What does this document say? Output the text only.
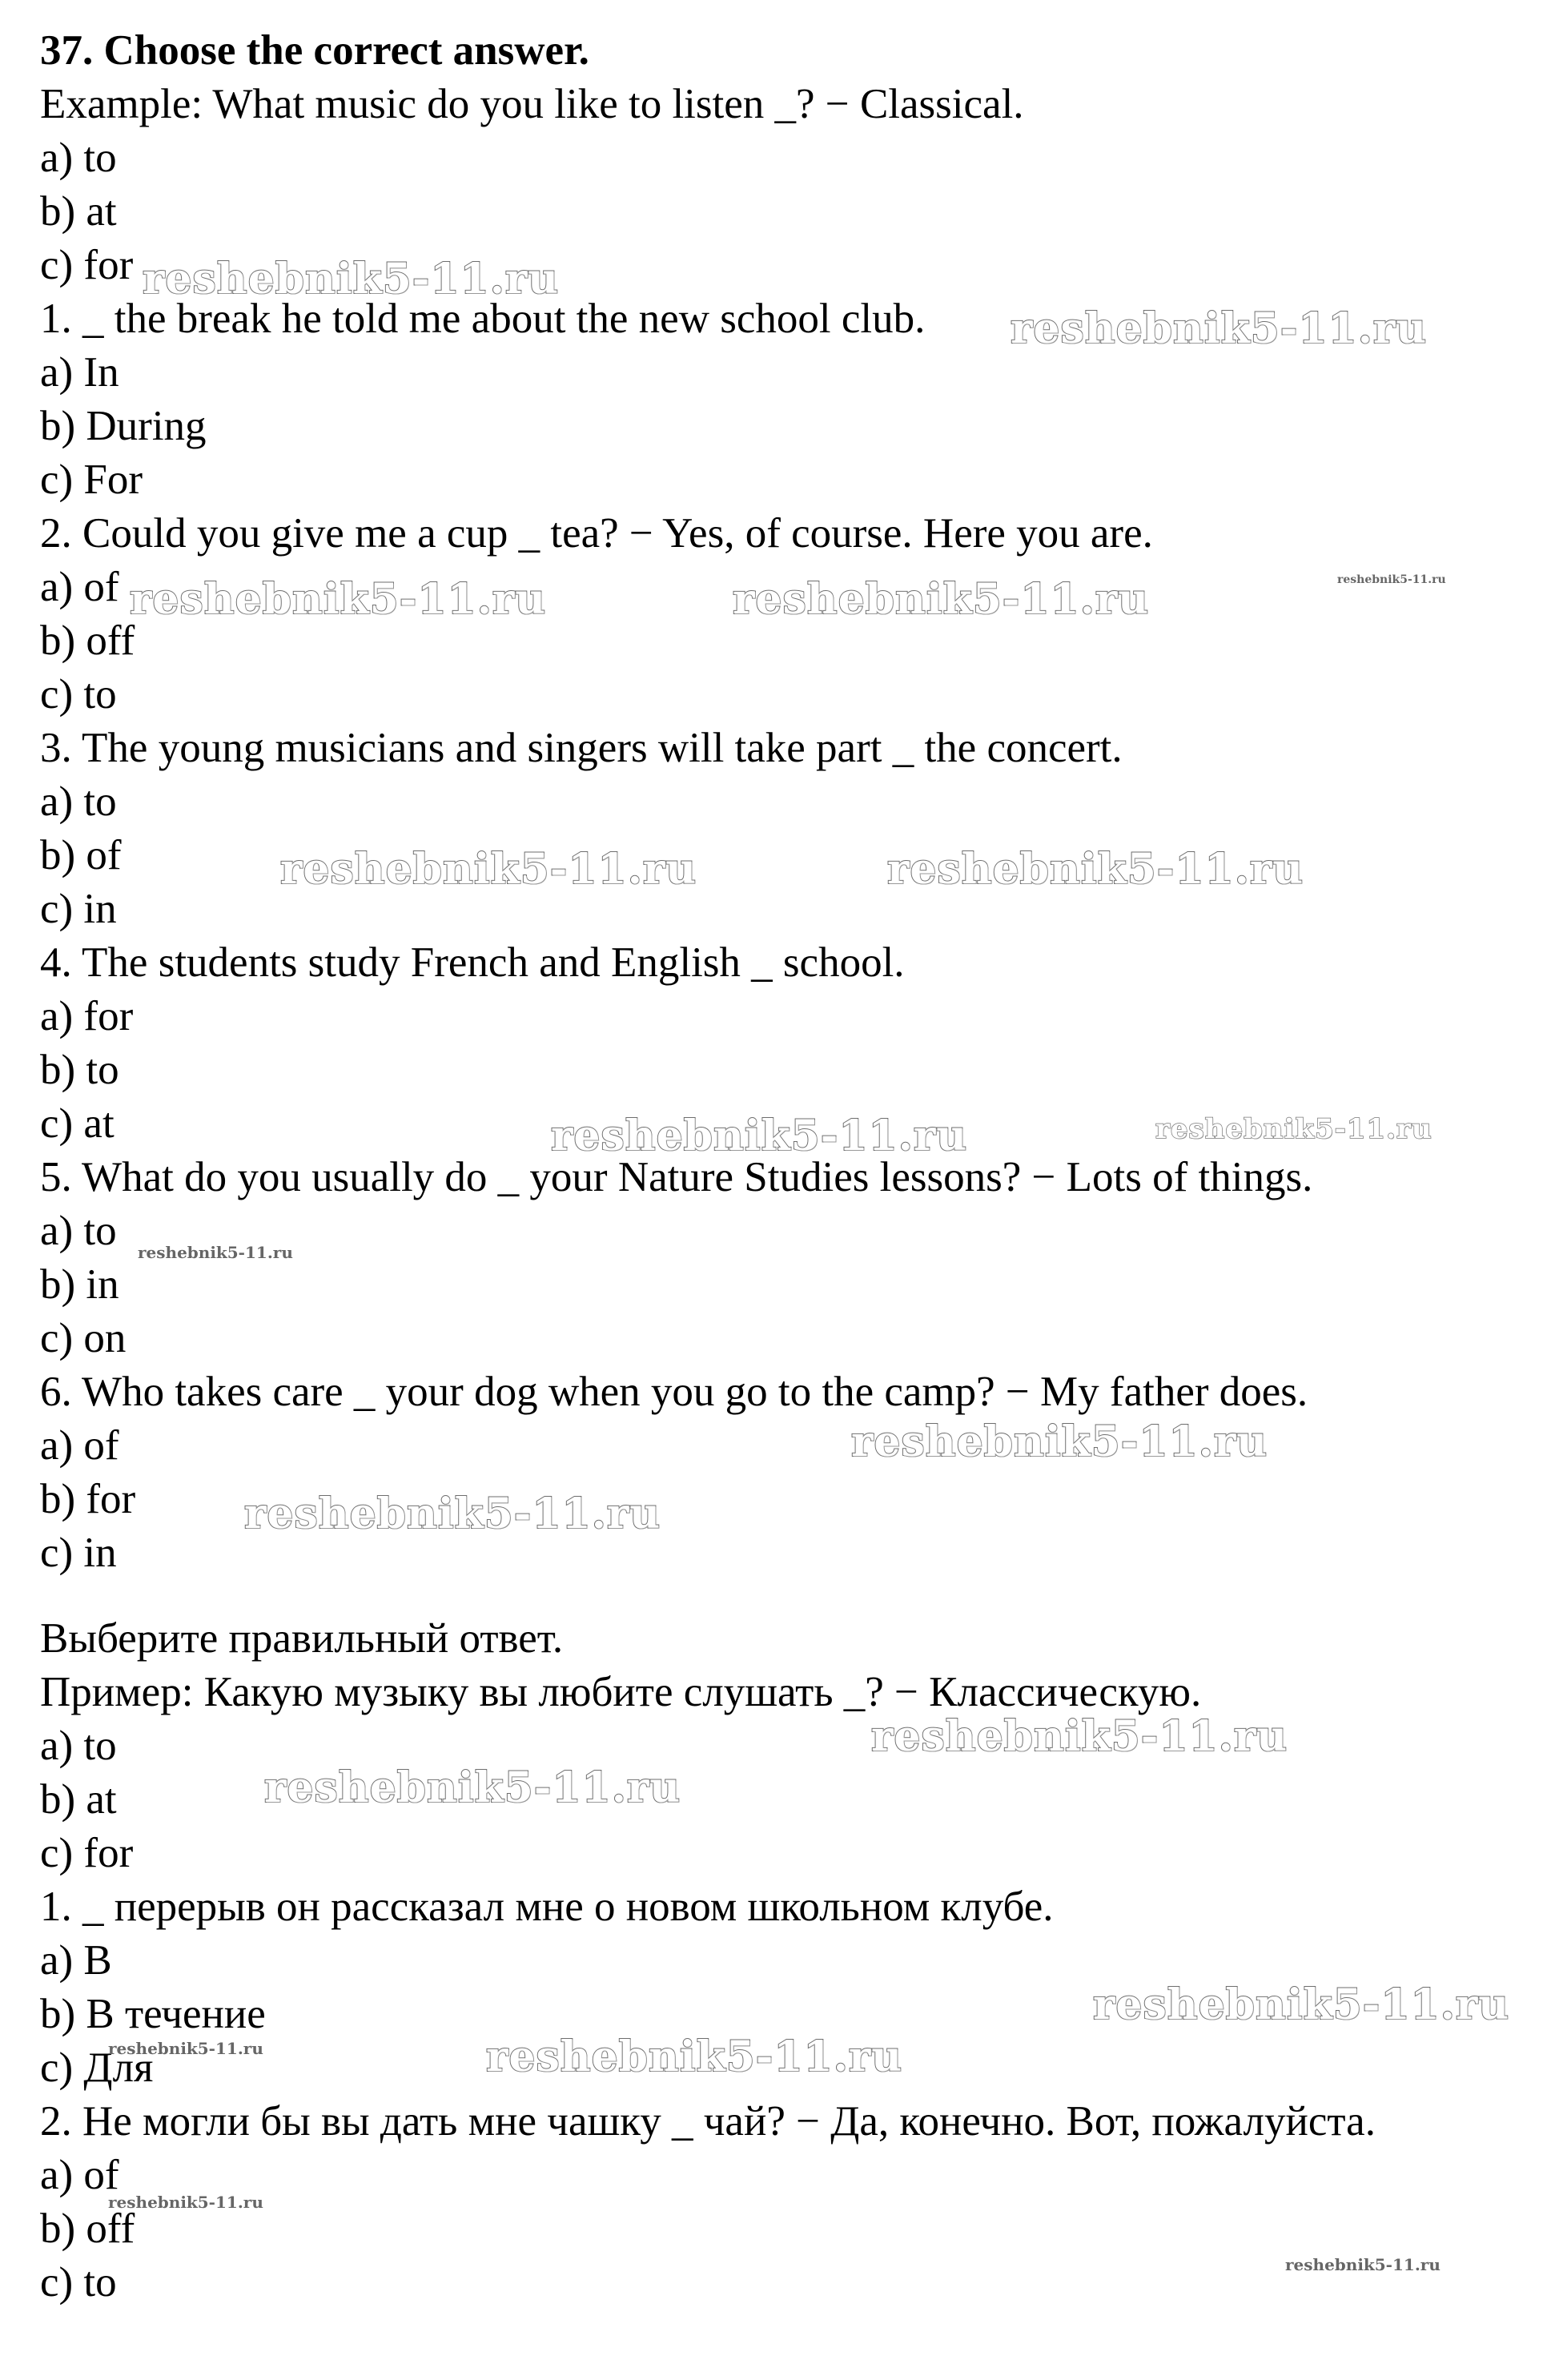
37. Choose the correct answer.
Example: What music do you like to listen _? − Classical.
a) to
b) at
c) for
1. _ the break he told me about the new school club.
a) In
b) During
c) For
2. Could you give me a cup _ tea? − Yes, of course. Here you are.
a) of
b) off
c) to
3. The young musicians and singers will take part _ the concert.
a) to
b) of
c) in
4. The students study French and English _ school.
a) for
b) to
c) at
5. What do you usually do _ your Nature Studies lessons? − Lots of things.
a) to
b) in
c) on
6. Who takes care _ your dog when you go to the camp? − My father does.
a) of
b) for
c) in
Выберите правильный ответ.
Пример: Какую музыку вы любите слушать _? − Классическую.
a) to
b) at
c) for
1. _ перерыв он рассказал мне о новом школьном клубе.
a) В
b) В течение
c) Для
2. Не могли бы вы дать мне чашку _ чай? − Да, конечно. Вот, пожалуйста.
a) of
b) off
c) to
reshebnik5-11.ru
reshebnik5-11.ru
reshebnik5-11.ru	reshebnik5-11.ru	reshebnik5-11.ru
reshebnik5-11.ru	reshebnik5-11.ru
reshebnik5-11.ru	reshebnik5-11.ru
reshebnik5-11.ru
reshebnik5-11.ru
reshebnik5-11.ru
reshebnik5-11.ru
reshebnik5-11.ru
reshebnik5-11.ru
reshebnik5-11.ru
reshebnik5-11.ru
reshebnik5-11.ru
reshebnik5-11.ru
